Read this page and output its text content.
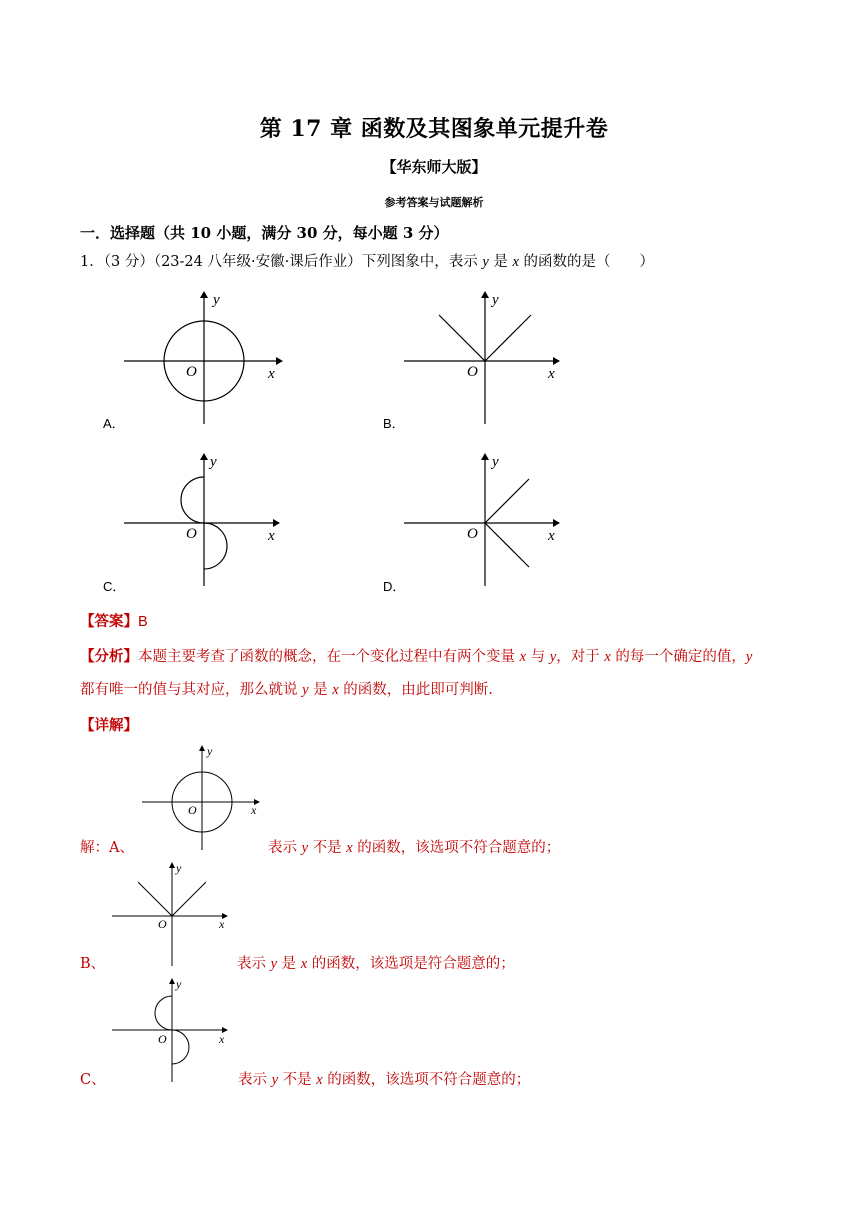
第 17 章 函数及其图象单元提升卷
【华东师大版】
参考答案与试题解析
一．选择题（共 10 小题，满分 30 分，每小题 3 分）
1．（3 分）（23-24 八年级·安徽·课后作业）下列图象中，表示 y 是 x 的函数的是（　　）
O	x
y
A．
O	x
y
B．
O	x
y
C．
O	x
y
D．
【答案】B
【分析】本题主要考查了函数的概念，在一个变化过程中有两个变量 x 与 y，对于 x 的每一个确定的值，y
都有唯一的值与其对应，那么就说 y 是 x 的函数，由此即可判断.
【详解】
O	x
y
解：A、	表示 y 不是 x 的函数，该选项不符合题意的；
O	x
y
B、	表示 y 是 x 的函数，该选项是符合题意的；
O	x
y
C、	表示 y 不是 x 的函数，该选项不符合题意的；
